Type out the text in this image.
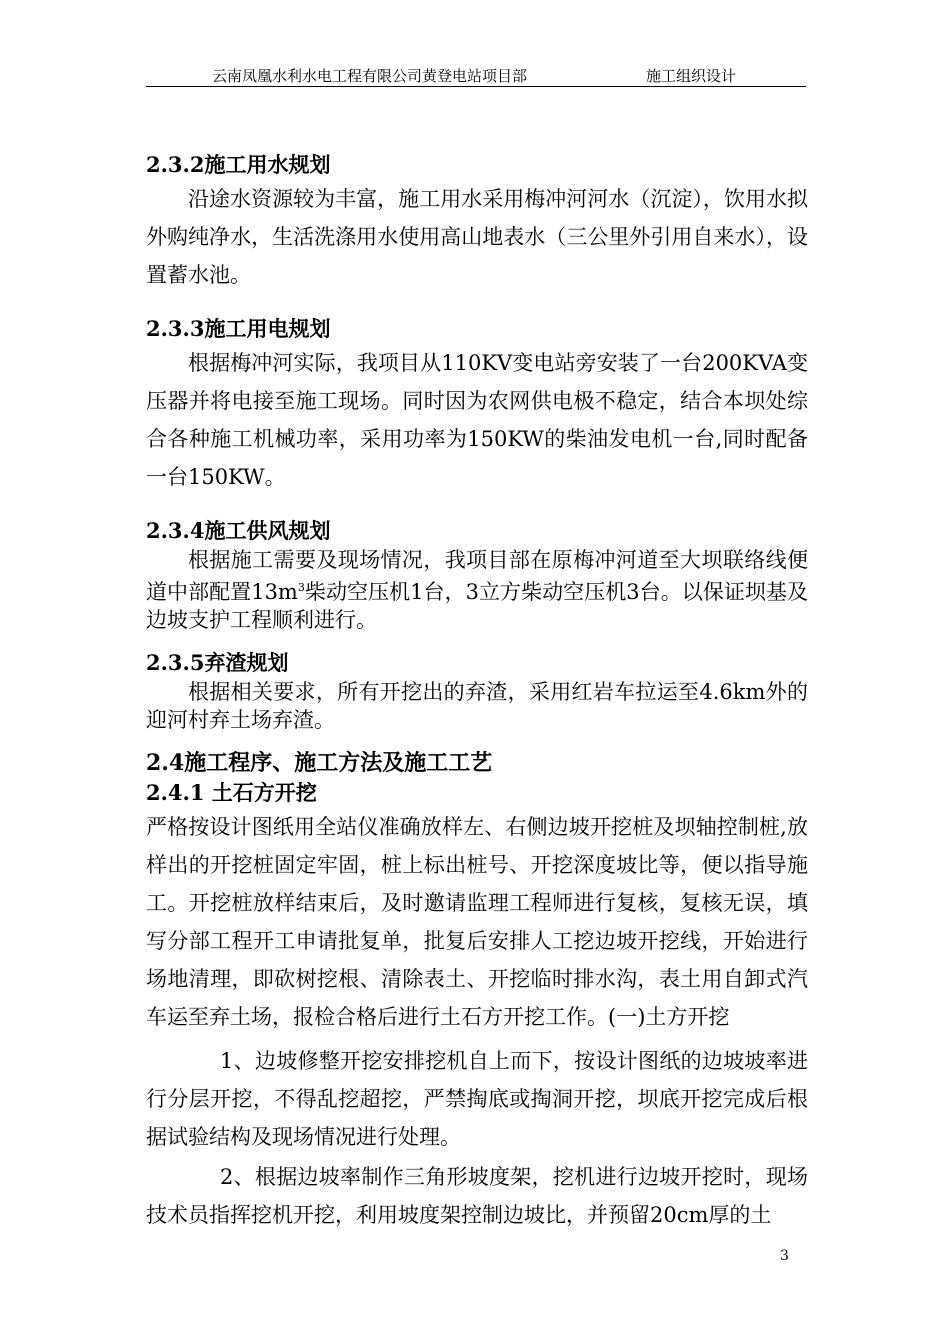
云南凤凰水利水电工程有限公司黄登电站项目部	施工组织设计

2.3.2施工用水规划

沿途水资源较为丰富，施工用水采用梅冲河河水（沉淀），饮用水拟外购纯净水，生活洗涤用水使用高山地表水（三公里外引用自来水），设置蓄水池。

2.3.3施工用电规划

根据梅冲河实际，我项目从110KV变电站旁安装了一台200KVA变压器并将电接至施工现场。同时因为农网供电极不稳定，结合本坝处综合各种施工机械功率，采用功率为150KW的柴油发电机一台,同时配备一台150KW。

2.3.4施工供风规划

根据施工需要及现场情况，我项目部在原梅冲河道至大坝联络线便道中部配置$13m^3$柴动空压机1台，3立方柴动空压机3台。以保证坝基及边坡支护工程顺利进行。

2.3.5弃渣规划

根据相关要求，所有开挖出的弃渣，采用红岩车拉运至4.6km外的迎河村弃土场弃渣。

2.4施工程序、施工方法及施工工艺

2.4.1 土石方开挖

严格按设计图纸用全站仪准确放样左、右侧边坡开挖桩及坝轴控制桩,放样出的开挖桩固定牢固，桩上标出桩号、开挖深度坡比等，便以指导施工。开挖桩放样结束后，及时邀请监理工程师进行复核，复核无误，填写分部工程开工申请批复单，批复后安排人工挖边坡开挖线，开始进行场地清理，即砍树挖根、清除表土、开挖临时排水沟，表土用自卸式汽车运至弃土场，报检合格后进行土石方开挖工作。(一)土方开挖

1、边坡修整开挖安排挖机自上而下，按设计图纸的边坡坡率进行分层开挖，不得乱挖超挖，严禁掏底或掏洞开挖，坝底开挖完成后根据试验结构及现场情况进行处理。

2、根据边坡率制作三角形坡度架，挖机进行边坡开挖时，现场技术员指挥挖机开挖，利用坡度架控制边坡比，并预留20cm厚的土

3
